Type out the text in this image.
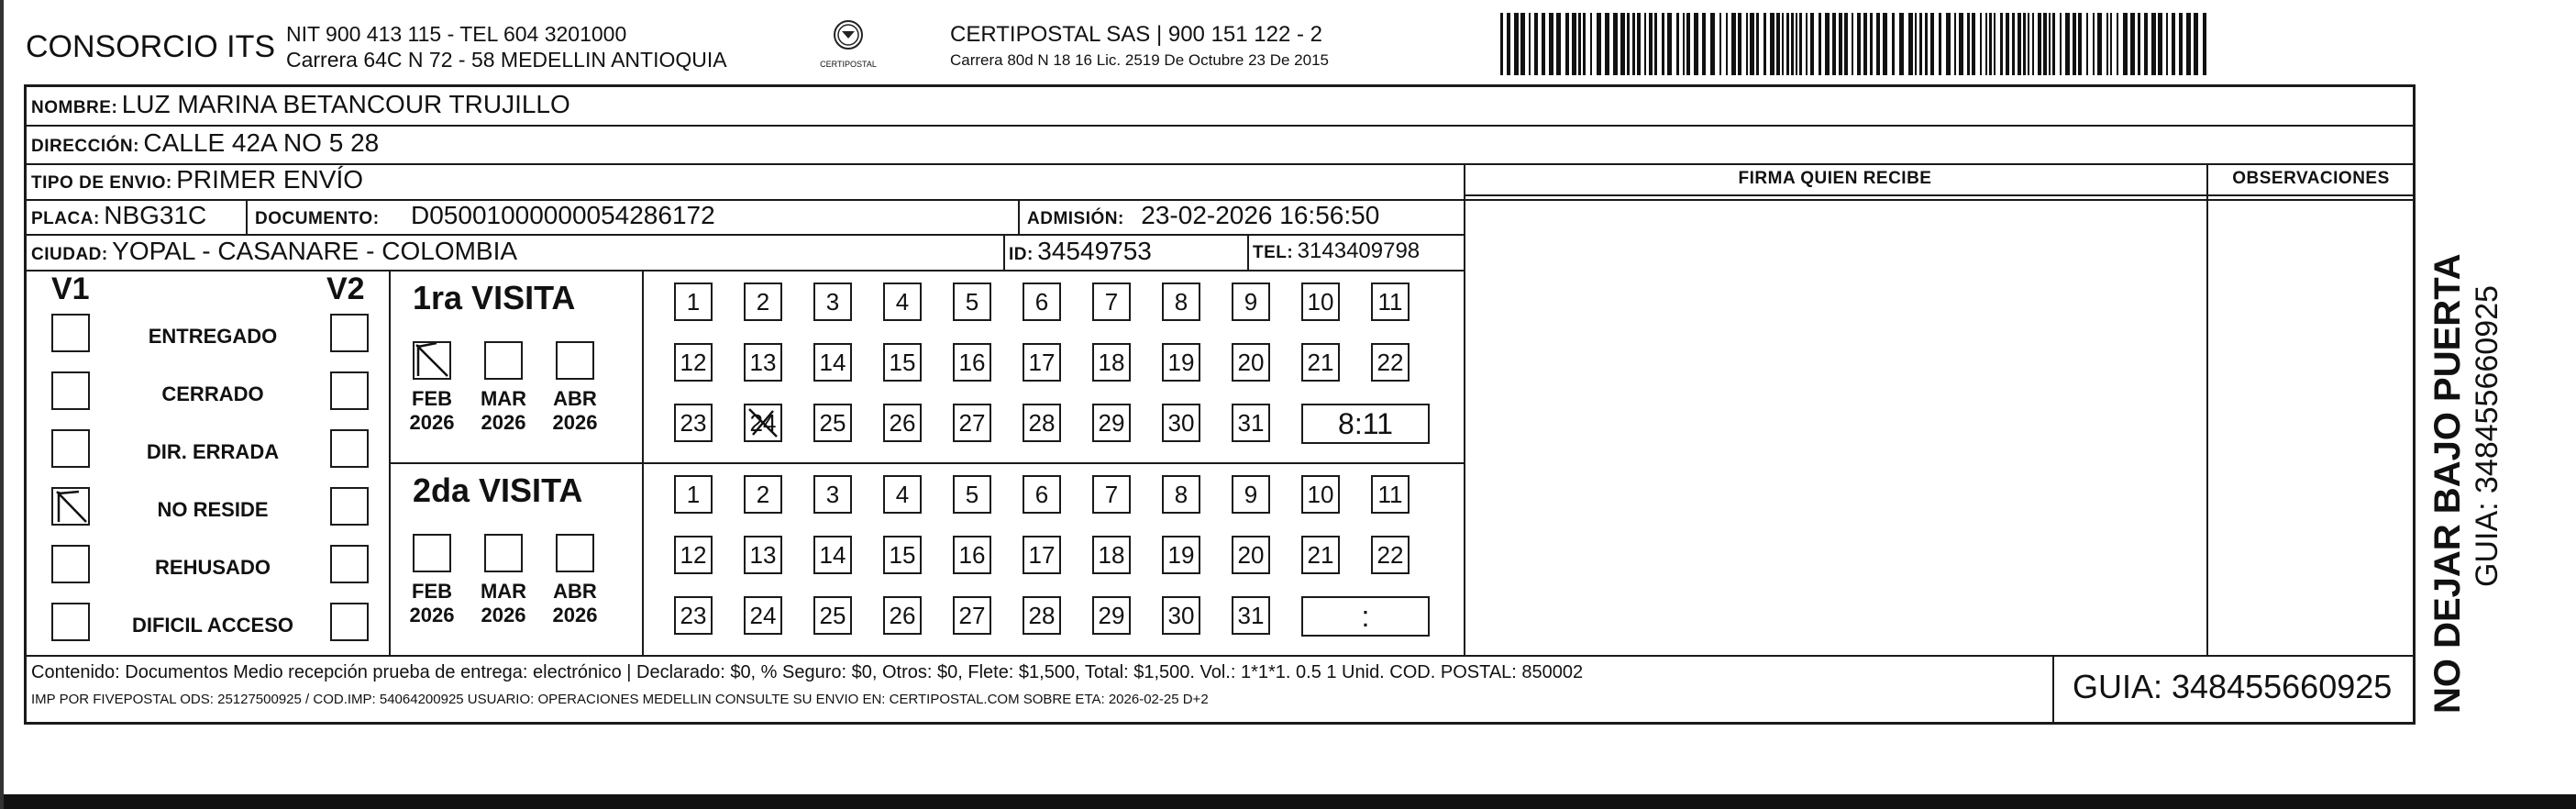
CONSORCIO ITS NIT 900 413 115 - TEL 604 3201000
Carrera 64C N 72 - 58 MEDELLIN ANTIOQUIA	CERTIPOSTAL
CERTIPOSTAL SAS | 900 151 122 - 2
Carrera 80d N 18 16 Lic. 2519 De Octubre 23 De 2015
FIRMA QUIEN RECIBE	OBSERVACIONES
NOMBRE: LUZ MARINA BETANCOUR TRUJILLO
DIRECCIÓN: CALLE 42A NO 5 28
TIPO DE ENVIO: PRIMER ENVÍO
PLACA: NBG31C	DOCUMENTO: D05001000000054286172	ADMISIÓN: 23-02-2026 16:56:50
CIUDAD: YOPAL - CASANARE - COLOMBIA	ID: 34549753	TEL: 3143409798
V1	V2
ENTREGADO
CERRADO
DIR. ERRADA
NO RESIDE
REHUSADO
DIFICIL ACCESO
1ra VISITA
FEB
2026
MAR
2026
ABR
2026
1	2	3	4	5	6	7	8	9	10 11
12 13 14 15 16 17 18 19 20 21 22
23 24 25 26 27 28 29 30 31	8:11
2da VISITA
FEB
2026
MAR
2026
ABR
2026
1	2	3	4	5	6	7	8	9	10 11
12 13 14 15 16 17 18 19 20 21 22
23 24 25 26 27 28 29 30 31	:
Contenido: Documentos Medio recepción prueba de entrega: electrónico | Declarado: $0, % Seguro: $0, Otros: $0, Flete: $1,500, Total: $1,500. Vol.: 1*1*1. 0.5 1 Unid. COD. POSTAL: 850002
IMP POR FIVEPOSTAL ODS: 25127500925 / COD.IMP: 54064200925 USUARIO: OPERACIONES MEDELLIN CONSULTE SU ENVIO EN: CERTIPOSTAL.COM SOBRE ETA: 2026-02-25 D+2	GUIA: 348455660925 NO DEJAR BAJO PUERTA GUIA: 348455660925
